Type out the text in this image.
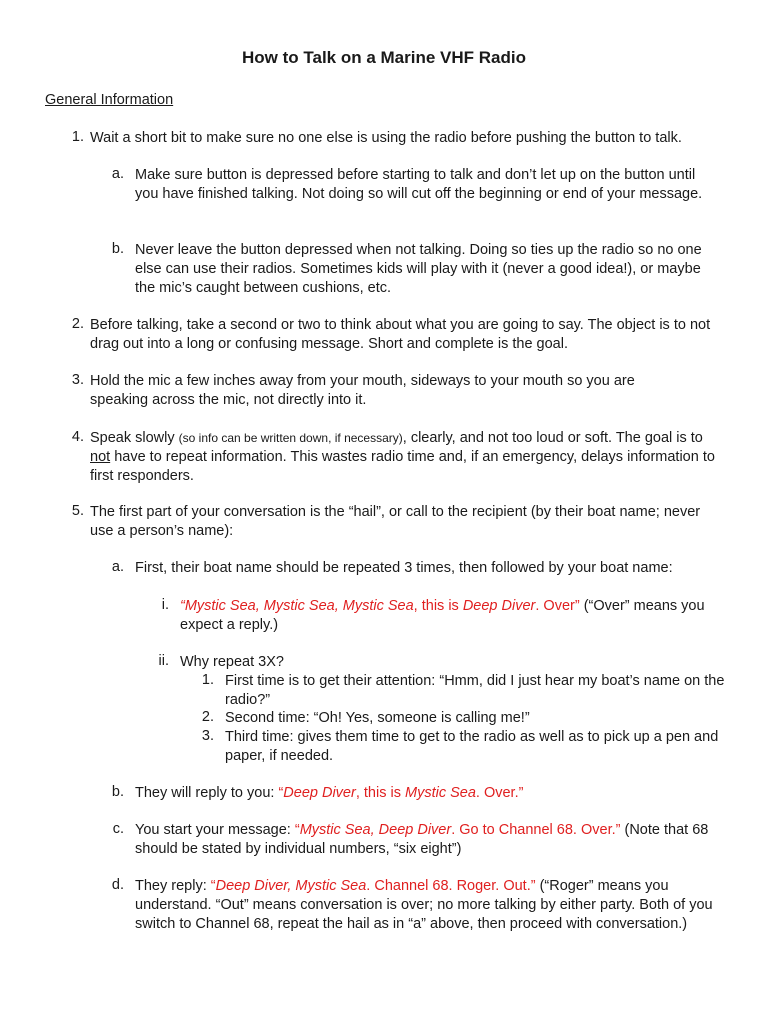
How to Talk on a Marine VHF Radio
General Information
1. Wait a short bit to make sure no one else is using the radio before pushing the button to talk.
a. Make sure button is depressed before starting to talk and don’t let up on the button until you have finished talking. Not doing so will cut off the beginning or end of your message.
b. Never leave the button depressed when not talking. Doing so ties up the radio so no one else can use their radios. Sometimes kids will play with it (never a good idea!), or maybe the mic’s caught between cushions, etc.
2. Before talking, take a second or two to think about what you are going to say. The object is to not drag out into a long or confusing message. Short and complete is the goal.
3. Hold the mic a few inches away from your mouth, sideways to your mouth so you are speaking across the mic, not directly into it.
4. Speak slowly (so info can be written down, if necessary), clearly, and not too loud or soft. The goal is to not have to repeat information. This wastes radio time and, if an emergency, delays information to first responders.
5. The first part of your conversation is the “hail”, or call to the recipient (by their boat name; never use a person’s name):
a. First, their boat name should be repeated 3 times, then followed by your boat name:
i. “Mystic Sea, Mystic Sea, Mystic Sea, this is Deep Diver. Over” (“Over” means you expect a reply.)
ii. Why repeat 3X?
1. First time is to get their attention: “Hmm, did I just hear my boat’s name on the radio?”
2. Second time: “Oh! Yes, someone is calling me!”
3. Third time: gives them time to get to the radio as well as to pick up a pen and paper, if needed.
b. They will reply to you: “Deep Diver, this is Mystic Sea. Over.”
c. You start your message: “Mystic Sea, Deep Diver. Go to Channel 68. Over.” (Note that 68 should be stated by individual numbers, “six eight”)
d. They reply: “Deep Diver, Mystic Sea. Channel 68. Roger. Out.” (“Roger” means you understand. “Out” means conversation is over; no more talking by either party. Both of you switch to Channel 68, repeat the hail as in “a” above, then proceed with conversation.)
